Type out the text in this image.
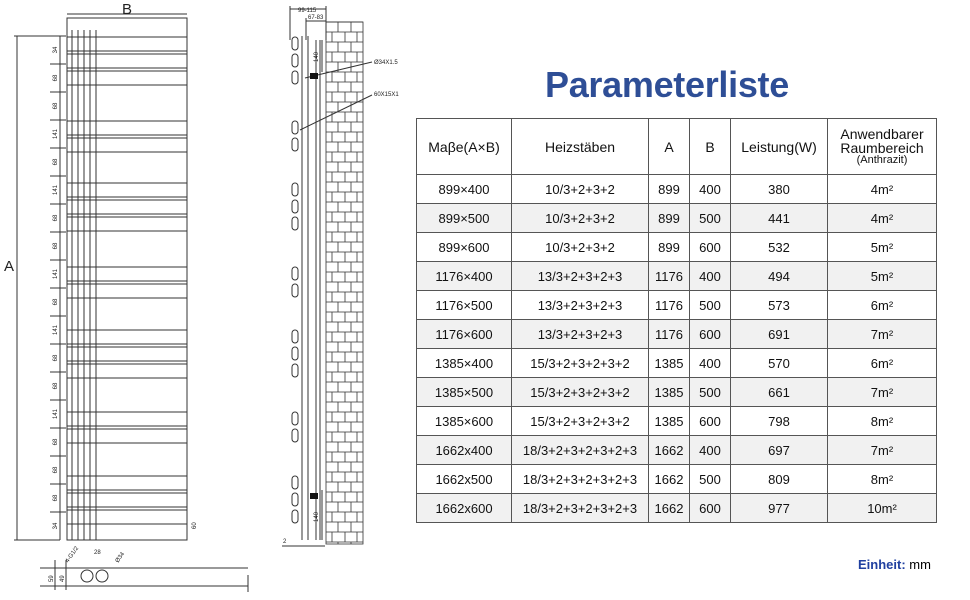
34
68
68
141
68
141
68
68
141
68
141
68
68
141
68
68
68
34
B
A
60
28 Ø34
4-G1/2
59 49
99-115
67-83
140
140
2
Ø34X1.5
60X15X1	Parameterliste
Maβe(A×B)	Heizstäben	A	B	Leistung(W)	Anwendbarer
Raumbereich
(Anthrazit)

899×400	10/3+2+3+2	899	400	380	4m²
899×500	10/3+2+3+2	899	500	441	4m²
899×600	10/3+2+3+2	899	600	532	5m²
1176×400	13/3+2+3+2+3	1176	400	494	5m²
1176×500	13/3+2+3+2+3	1176	500	573	6m²
1176×600	13/3+2+3+2+3	1176	600	691	7m²
1385×400	15/3+2+3+2+3+2	1385	400	570	6m²
1385×500	15/3+2+3+2+3+2	1385	500	661	7m²
1385×600	15/3+2+3+2+3+2	1385	600	798	8m²
1662x400	18/3+2+3+2+3+2+3	1662	400	697	7m²
1662x500	18/3+2+3+2+3+2+3	1662	500	809	8m²
1662x600	18/3+2+3+2+3+2+3	1662	600	977	10m²
Einheit: mm
